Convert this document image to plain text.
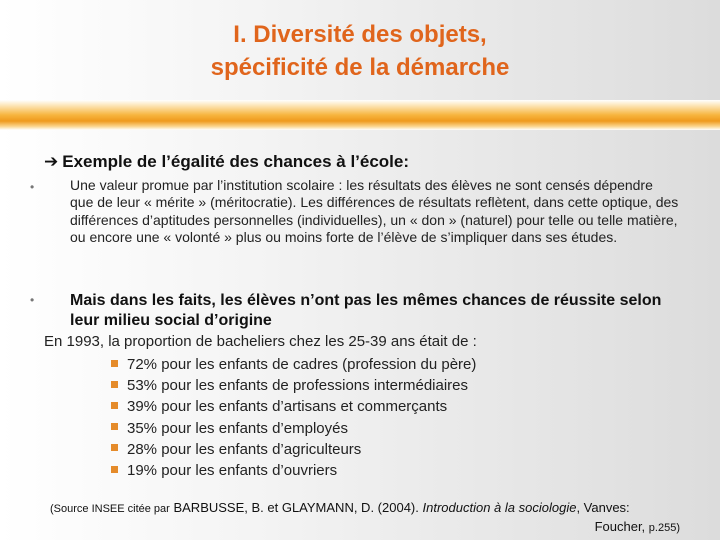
I. Diversité des objets,
spécificité de la démarche
➔ Exemple de l’égalité des chances à l’école:
•	Une valeur promue par l’institution scolaire : les résultats des élèves ne sont censés dépendre que de leur « mérite » (méritocratie). Les différences de résultats reflètent, dans cette optique, des différences d’aptitudes personnelles (individuelles), un « don » (naturel) pour telle ou telle matière, ou encore une « volonté » plus ou moins forte de l’élève de s’impliquer dans ses études.
• Mais dans les faits, les élèves n’ont pas les mêmes chances de réussite selon leur milieu social d’origine
En 1993, la proportion de bacheliers chez les 25-39 ans était de :
72% pour les enfants de cadres (profession du père)
53% pour les enfants de professions intermédiaires
39% pour les enfants d’artisans et commerçants
35% pour les enfants d’employés
28% pour les enfants d’agriculteurs
19% pour les enfants d’ouvriers
(Source INSEE citée par BARBUSSE, B. et GLAYMANN, D. (2004). Introduction à la sociologie, Vanves:
Foucher, p.255)
